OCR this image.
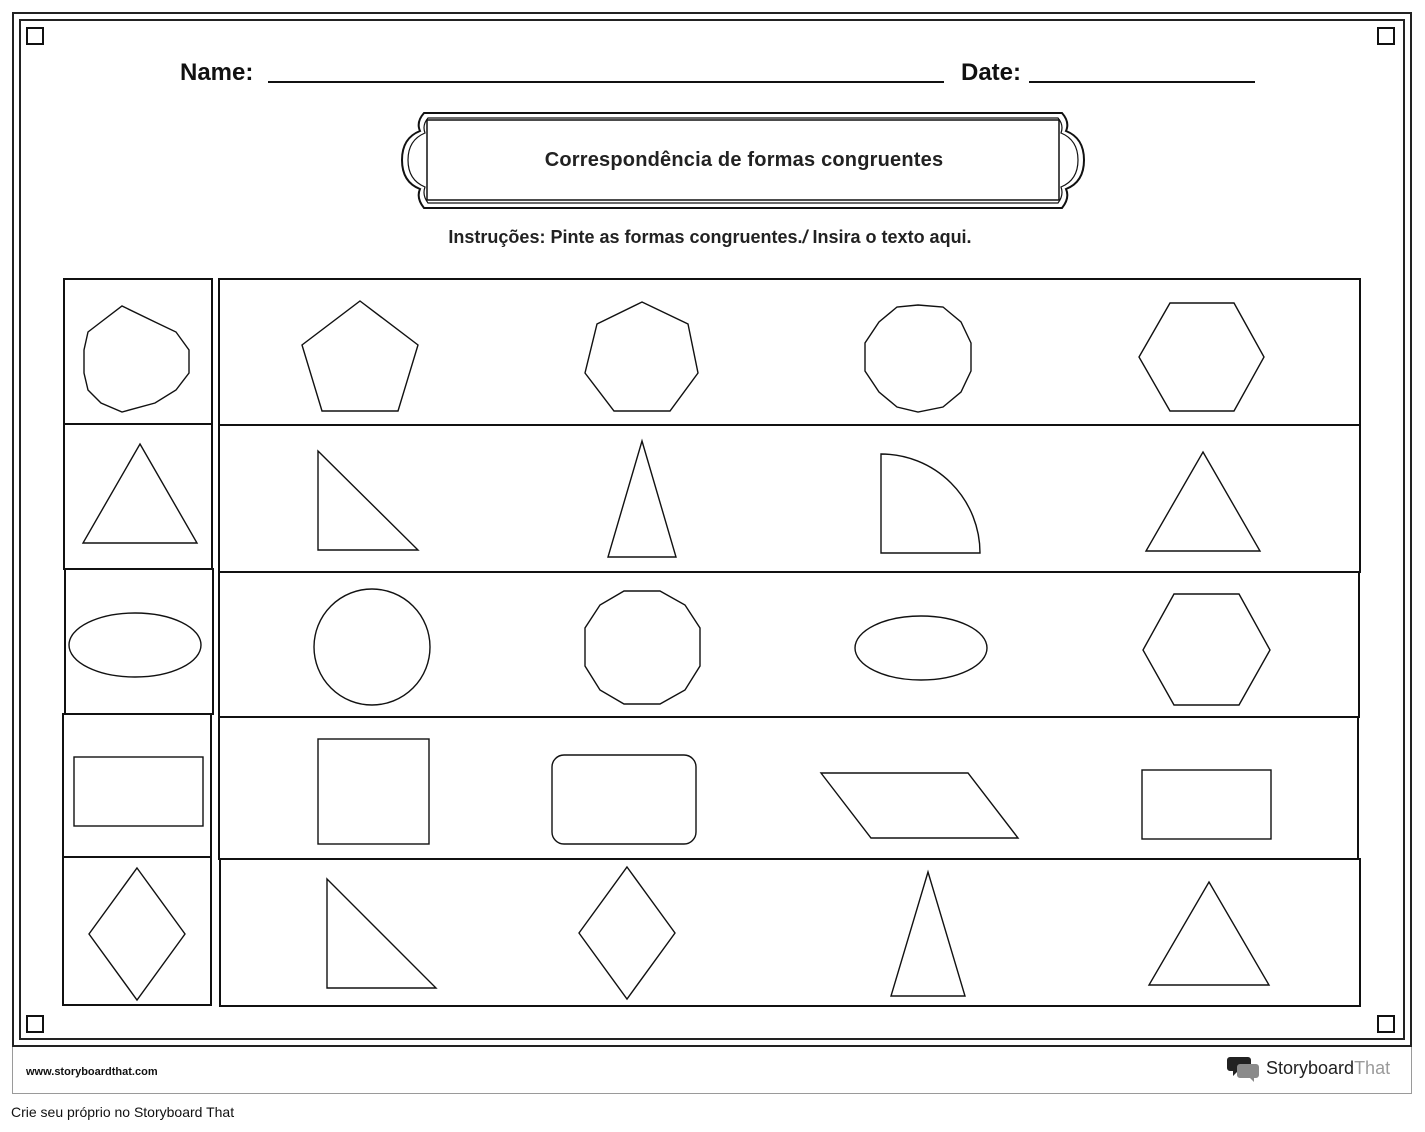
Name:	Date:
Correspondência de formas congruentes
Instruções: Pinte as formas congruentes./ Insira o texto aqui.
www.storyboardthat.com	StoryboardThat
Crie seu próprio no Storyboard That
